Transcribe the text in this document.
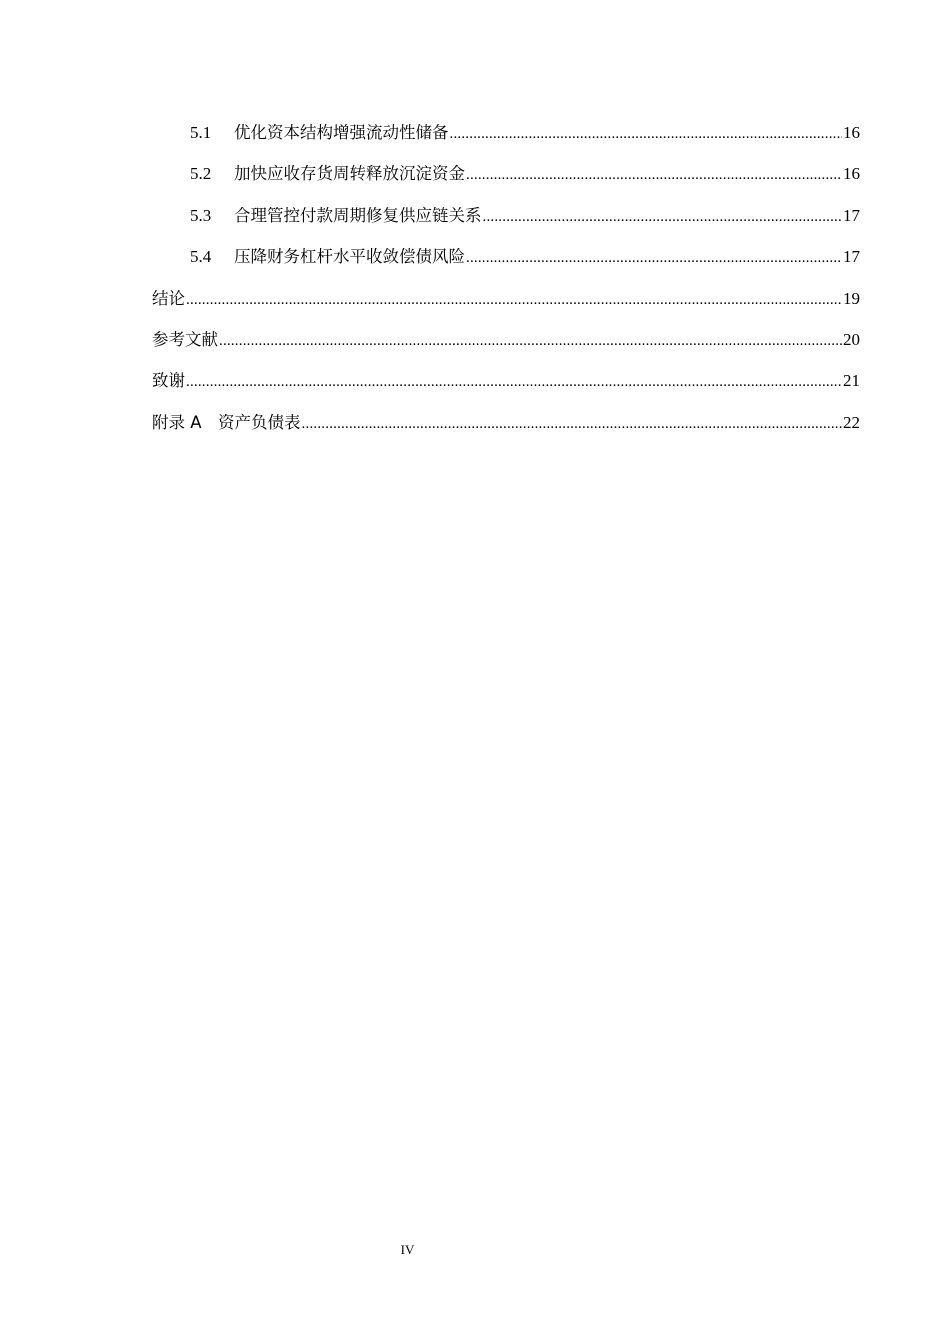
5.1	优化资本结构增强流动性储备 .....	16
5.2	加快应收存货周转释放沉淀资金 .....	16
5.3	合理管控付款周期修复供应链关系 .....	17
5.4	压降财务杠杆水平收敛偿债风险 .....	17
结论 .....	19
参考文献 .....	20
致谢 .....	21
附录 A　资产负债表 .....	22
IV
